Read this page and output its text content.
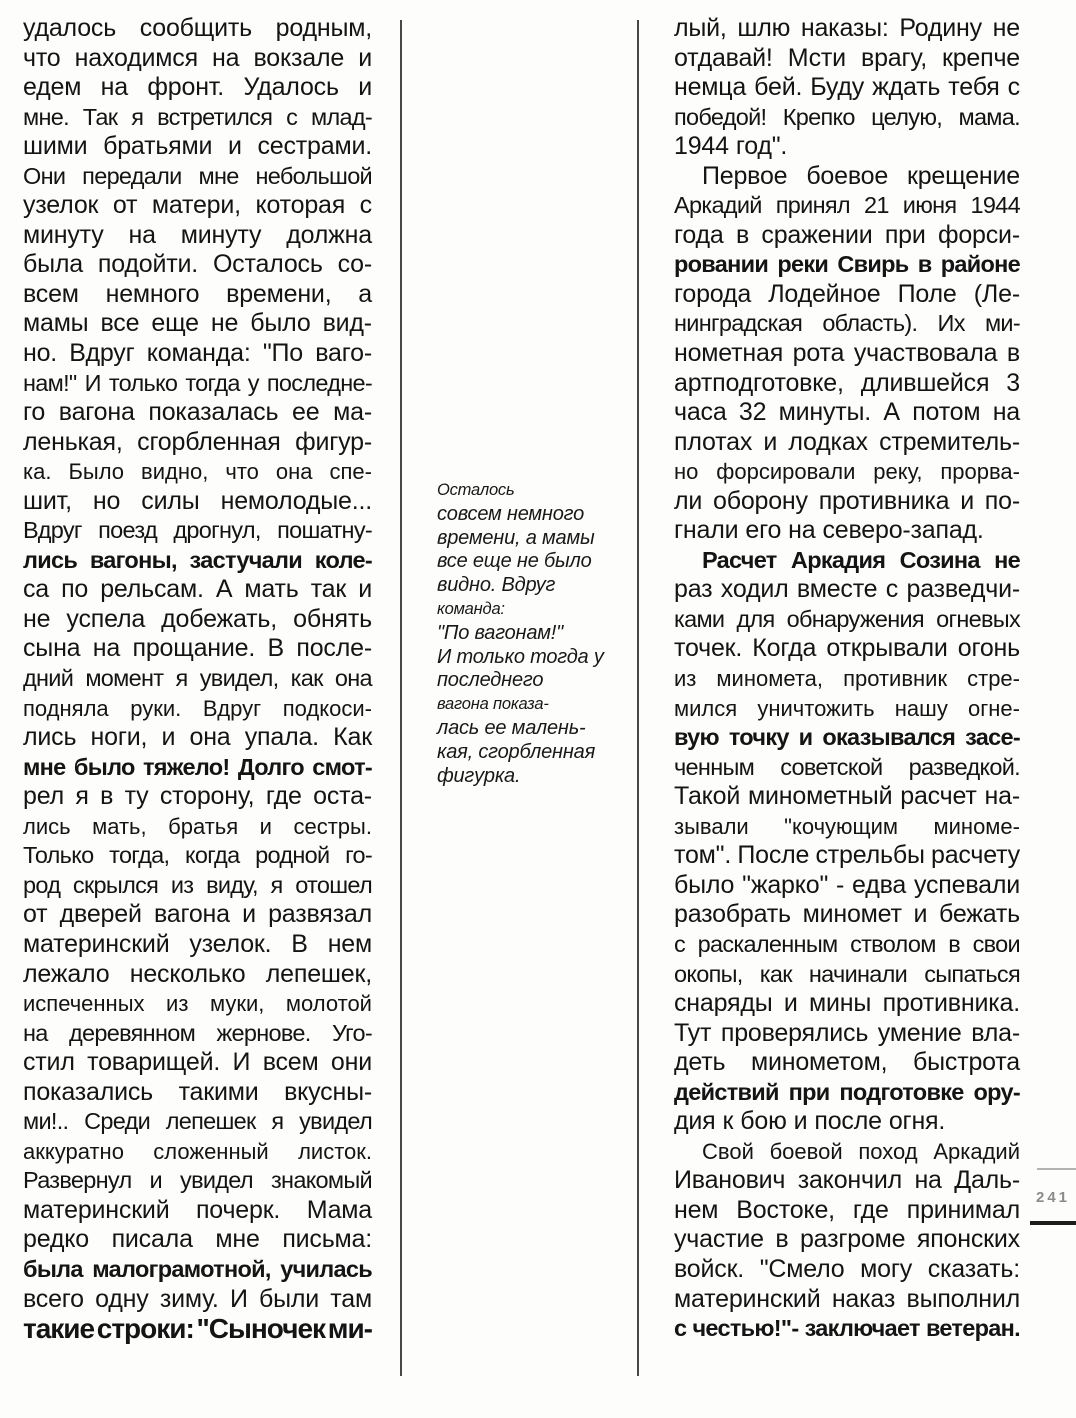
удалось сообщить родным,
что находимся на вокзале и
едем на фронт. Удалось и
мне. Так я встретился с млад-
шими братьями и сестрами.
Они передали мне небольшой
узелок от матери, которая с
минуту на минуту должна
была подойти. Осталось со-
всем немного времени, а
мамы все еще не было вид-
но. Вдруг команда: "По ваго-
нам!" И только тогда у последне-
го вагона показалась ее ма-
ленькая, сгорбленная фигур-
ка. Было видно, что она спе-
шит, но силы немолодые...
Вдруг поезд дрогнул, пошатну-
лись вагоны, застучали коле-
са по рельсам. А мать так и
не успела добежать, обнять
сына на прощание. В после-
дний момент я увидел, как она
подняла руки. Вдруг подкоси-
лись ноги, и она упала. Как
мне было тяжело! Долго смот-
рел я в ту сторону, где оста-
лись мать, братья и сестры.
Только тогда, когда родной го-
род скрылся из виду, я отошел
от дверей вагона и развязал
материнский узелок. В нем
лежало несколько лепешек,
испеченных из муки, молотой
на деревянном жернове. Уго-
стил товарищей. И всем они
показались такими вкусны-
ми!.. Среди лепешек я увидел
аккуратно сложенный листок.
Развернул и увидел знакомый
материнский почерк. Мама
редко писала мне письма:
была малограмотной, училась
всего одну зиму. И были там
такие строки: "Сыночек ми-
Осталось
совсем немного
времени, а мамы
все еще не было
видно. Вдруг
команда:
"По вагонам!"
И только тогда у
последнего
вагона показа-
лась ее малень-
кая, сгорбленная
фигурка.
лый, шлю наказы: Родину не
отдавай! Мсти врагу, крепче
немца бей. Буду ждать тебя с
победой! Крепко целую, мама.
1944 год".
Первое боевое крещение
Аркадий принял 21 июня 1944
года в сражении при форси-
ровании реки Свирь в районе
города Лодейное Поле (Ле-
нинградская область). Их ми-
нометная рота участвовала в
артподготовке, длившейся 3
часа 32 минуты. А потом на
плотах и лодках стремитель-
но форсировали реку, прорва-
ли оборону противника и по-
гнали его на северо-запад.
Расчет Аркадия Созина не
раз ходил вместе с разведчи-
ками для обнаружения огневых
точек. Когда открывали огонь
из миномета, противник стре-
мился уничтожить нашу огне-
вую точку и оказывался засе-
ченным советской разведкой.
Такой минометный расчет на-
зывали "кочующим миноме-
том". После стрельбы расчету
было "жарко" - едва успевали
разобрать миномет и бежать
с раскаленным стволом в свои
окопы, как начинали сыпаться
снаряды и мины противника.
Тут проверялись умение вла-
деть минометом, быстрота
действий при подготовке ору-
дия к бою и после огня.
Свой боевой поход Аркадий
Иванович закончил на Даль-
нем Востоке, где принимал
участие в разгроме японских
войск. "Смело могу сказать:
материнский наказ выполнил
с честью!"- заключает ветеран.
241
